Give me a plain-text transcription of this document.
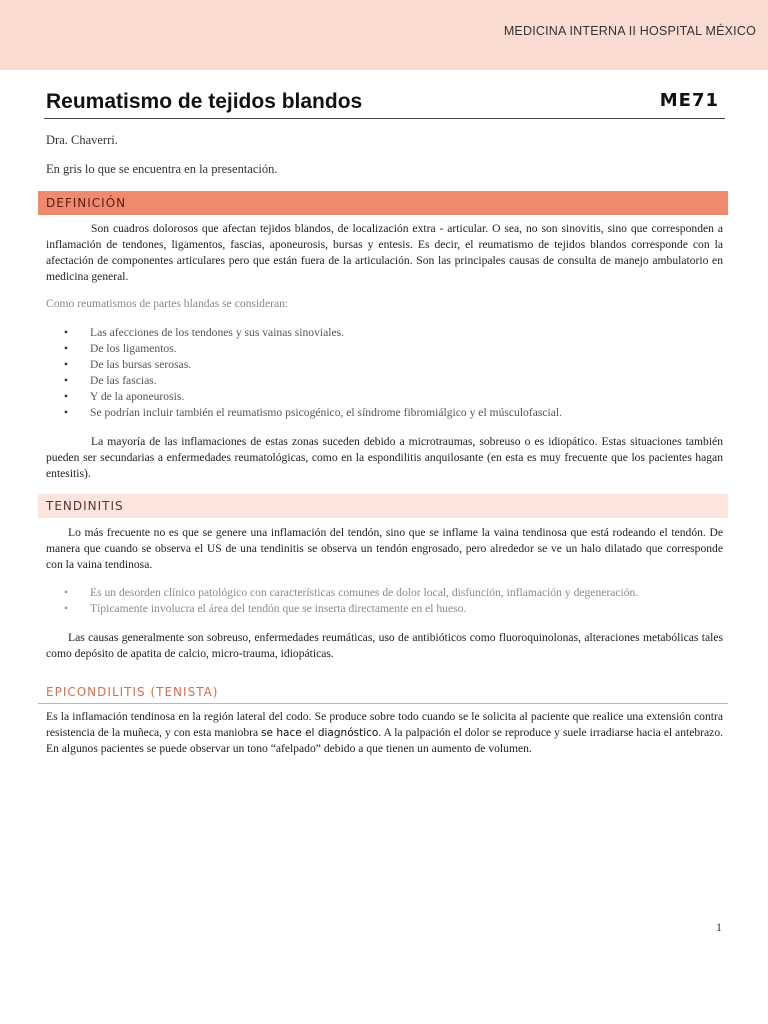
MEDICINA INTERNA II HOSPITAL MÉXICO
Reumatismo de tejidos blandos	ME71
Dra. Chaverri.
En gris lo que se encuentra en la presentación.
DEFINICIÓN

Son cuadros dolorosos que afectan tejidos blandos, de localización extra - articular. O sea, no son sinovitis, sino que corresponden a inflamación de tendones, ligamentos, fascias, aponeurosis, bursas y entesis. Es decir, el reumatismo de tejidos blandos corresponde con la afectación de componentes articulares pero que están fuera de la articulación. Son las principales causas de consulta de manejo ambulatorio en medicina general.

Como reumatismos de partes blandas se consideran:

• Las afecciones de los tendones y sus vainas sinoviales.
• De los ligamentos.
• De las bursas serosas.
• De las fascias.
• Y de la aponeurosis.
• Se podrían incluir también el reumatismo psicogénico, el síndrome fibromiálgico y el músculofascial.

La mayoría de las inflamaciones de estas zonas suceden debido a microtraumas, sobreuso o es idiopático. Estas situaciones también pueden ser secundarias a enfermedades reumatológicas, como en la espondilitis anquilosante (en esta es muy frecuente que los pacientes hagan entesitis).

TENDINITIS

Lo más frecuente no es que se genere una inflamación del tendón, sino que se inflame la vaina tendinosa que está rodeando el tendón. De manera que cuando se observa el US de una tendinitis se observa un tendón engrosado, pero alrededor se ve un halo dilatado que corresponde con la vaina tendinosa.

• Es un desorden clínico patológico con características comunes de dolor local, disfunción, inflamación y degeneración.
• Típicamente involucra el área del tendón que se inserta directamente en el hueso.

Las causas generalmente son sobreuso, enfermedades reumáticas, uso de antibióticos como fluoroquinolonas, alteraciones metabólicas tales como depósito de apatita de calcio, micro-trauma, idiopáticas.

EPICONDILITIS (TENISTA)

Es la inflamación tendinosa en la región lateral del codo. Se produce sobre todo cuando se le solicita al paciente que realice una extensión contra resistencia de la muñeca, y con esta maniobra se hace el diagnóstico. A la palpación el dolor se reproduce y suele irradiarse hacia el antebrazo. En algunos pacientes se puede observar un tono “afelpado” debido a que tienen un aumento de volumen.

1
